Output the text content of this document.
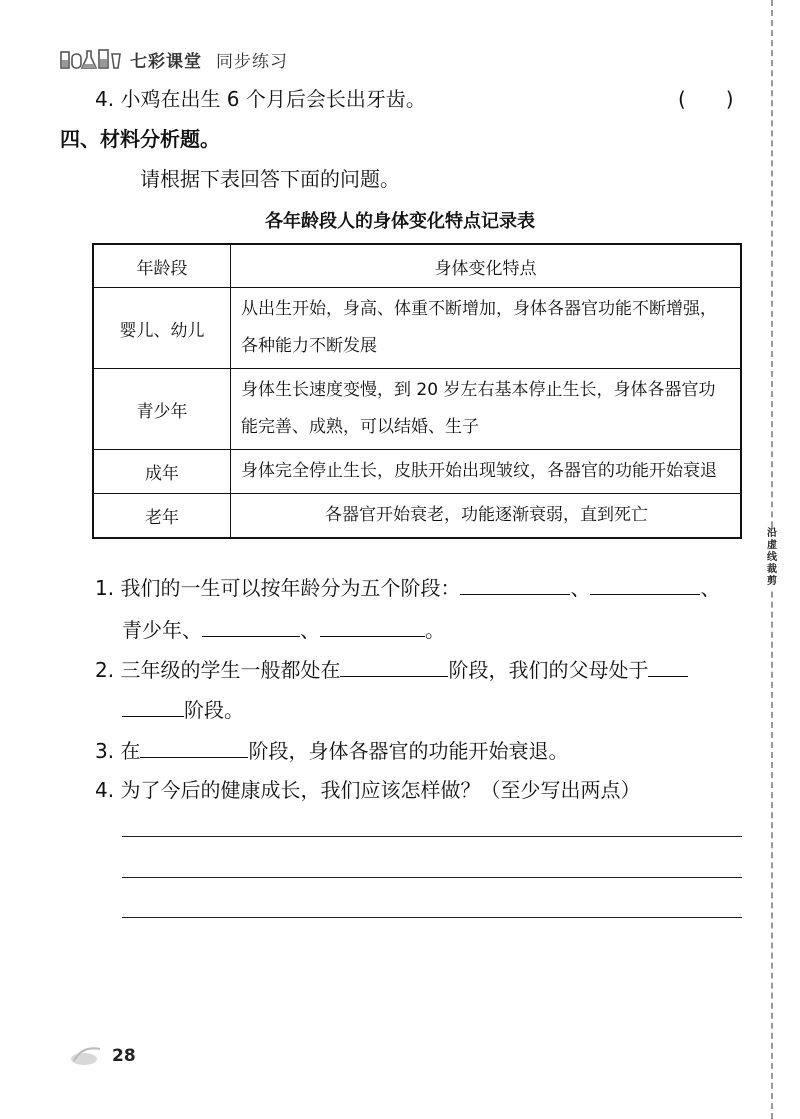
七彩课堂 同步练习
4. 小鸡在出生 6 个月后会长出牙齿。	(　　)
四、材料分析题。
请根据下表回答下面的问题。
各年龄段人的身体变化特点记录表
年龄段	身体变化特点
婴儿、幼儿	从出生开始，身高、体重不断增加，身体各器官功能不断增强，各种能力不断发展
青少年	身体生长速度变慢，到 20 岁左右基本停止生长，身体各器官功能完善、成熟，可以结婚、生子
成年	身体完全停止生长，皮肤开始出现皱纹，各器官的功能开始衰退
老年	各器官开始衰老，功能逐渐衰弱，直到死亡
1. 我们的一生可以按年龄分为五个阶段：	、	、
青少年、	、	。
2. 三年级的学生一般都处在	阶段，我们的父母处于
阶段。
3. 在	阶段，身体各器官的功能开始衰退。
4. 为了今后的健康成长，我们应该怎样做？（至少写出两点）
沿虚线裁剪
28
